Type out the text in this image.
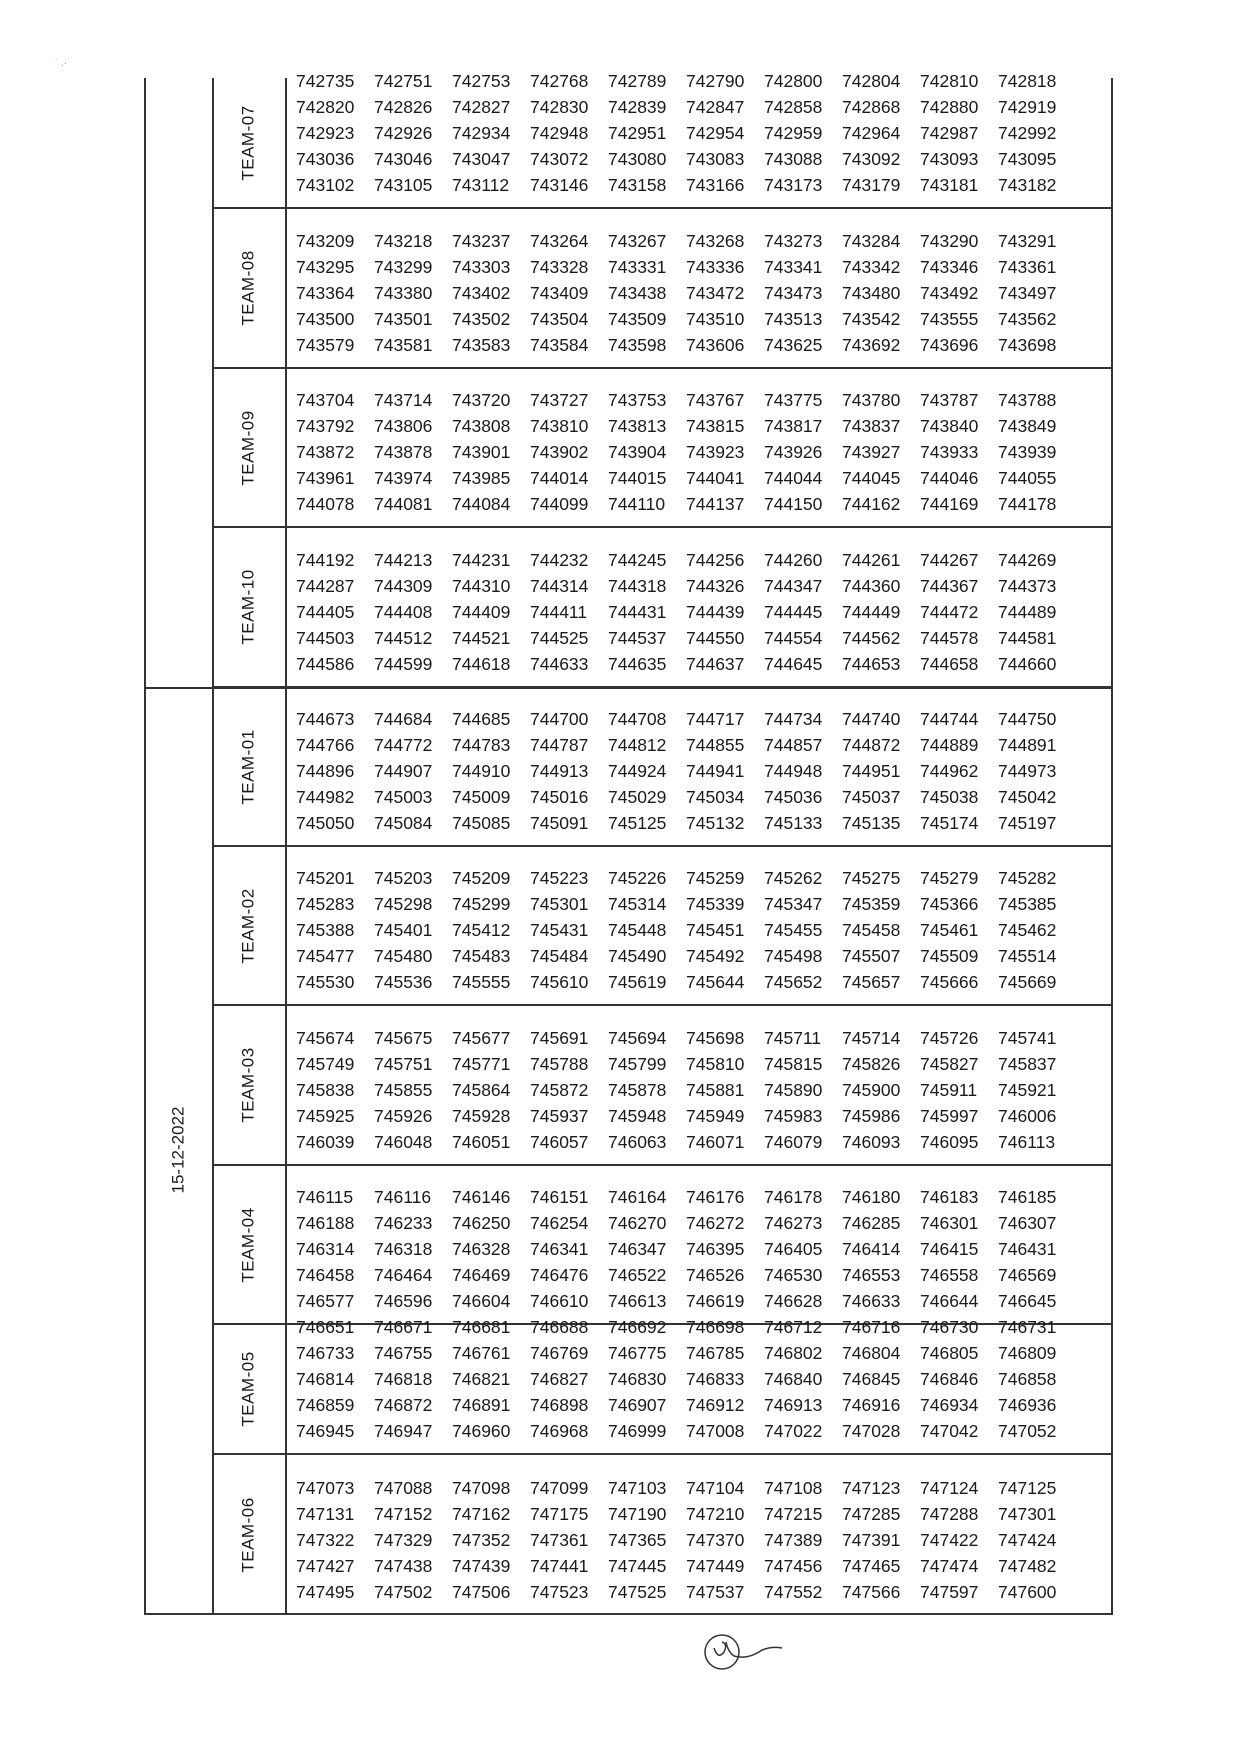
˙ .·
15-12-2022
TEAM-07
742735	742751	742753	742768	742789	742790	742800	742804	742810	742818
742820	742826	742827	742830	742839	742847	742858	742868	742880	742919
742923	742926	742934	742948	742951	742954	742959	742964	742987	742992
743036	743046	743047	743072	743080	743083	743088	743092	743093	743095
743102	743105	743112	743146	743158	743166	743173	743179	743181	743182
TEAM-08
743209	743218	743237	743264	743267	743268	743273	743284	743290	743291
743295	743299	743303	743328	743331	743336	743341	743342	743346	743361
743364	743380	743402	743409	743438	743472	743473	743480	743492	743497
743500	743501	743502	743504	743509	743510	743513	743542	743555	743562
743579	743581	743583	743584	743598	743606	743625	743692	743696	743698
TEAM-09
743704	743714	743720	743727	743753	743767	743775	743780	743787	743788
743792	743806	743808	743810	743813	743815	743817	743837	743840	743849
743872	743878	743901	743902	743904	743923	743926	743927	743933	743939
743961	743974	743985	744014	744015	744041	744044	744045	744046	744055
744078	744081	744084	744099	744110	744137	744150	744162	744169	744178
TEAM-10
744192	744213	744231	744232	744245	744256	744260	744261	744267	744269
744287	744309	744310	744314	744318	744326	744347	744360	744367	744373
744405	744408	744409	744411	744431	744439	744445	744449	744472	744489
744503	744512	744521	744525	744537	744550	744554	744562	744578	744581
744586	744599	744618	744633	744635	744637	744645	744653	744658	744660
TEAM-01
744673	744684	744685	744700	744708	744717	744734	744740	744744	744750
744766	744772	744783	744787	744812	744855	744857	744872	744889	744891
744896	744907	744910	744913	744924	744941	744948	744951	744962	744973
744982	745003	745009	745016	745029	745034	745036	745037	745038	745042
745050	745084	745085	745091	745125	745132	745133	745135	745174	745197
TEAM-02
745201	745203	745209	745223	745226	745259	745262	745275	745279	745282
745283	745298	745299	745301	745314	745339	745347	745359	745366	745385
745388	745401	745412	745431	745448	745451	745455	745458	745461	745462
745477	745480	745483	745484	745490	745492	745498	745507	745509	745514
745530	745536	745555	745610	745619	745644	745652	745657	745666	745669
TEAM-03
745674	745675	745677	745691	745694	745698	745711	745714	745726	745741
745749	745751	745771	745788	745799	745810	745815	745826	745827	745837
745838	745855	745864	745872	745878	745881	745890	745900	745911	745921
745925	745926	745928	745937	745948	745949	745983	745986	745997	746006
746039	746048	746051	746057	746063	746071	746079	746093	746095	746113
TEAM-04
746115	746116	746146	746151	746164	746176	746178	746180	746183	746185
746188	746233	746250	746254	746270	746272	746273	746285	746301	746307
746314	746318	746328	746341	746347	746395	746405	746414	746415	746431
746458	746464	746469	746476	746522	746526	746530	746553	746558	746569
746577	746596	746604	746610	746613	746619	746628	746633	746644	746645
TEAM-05
746651	746671	746681	746688	746692	746698	746712	746716	746730	746731
746733	746755	746761	746769	746775	746785	746802	746804	746805	746809
746814	746818	746821	746827	746830	746833	746840	746845	746846	746858
746859	746872	746891	746898	746907	746912	746913	746916	746934	746936
746945	746947	746960	746968	746999	747008	747022	747028	747042	747052
TEAM-06
747073	747088	747098	747099	747103	747104	747108	747123	747124	747125
747131	747152	747162	747175	747190	747210	747215	747285	747288	747301
747322	747329	747352	747361	747365	747370	747389	747391	747422	747424
747427	747438	747439	747441	747445	747449	747456	747465	747474	747482
747495	747502	747506	747523	747525	747537	747552	747566	747597	747600
